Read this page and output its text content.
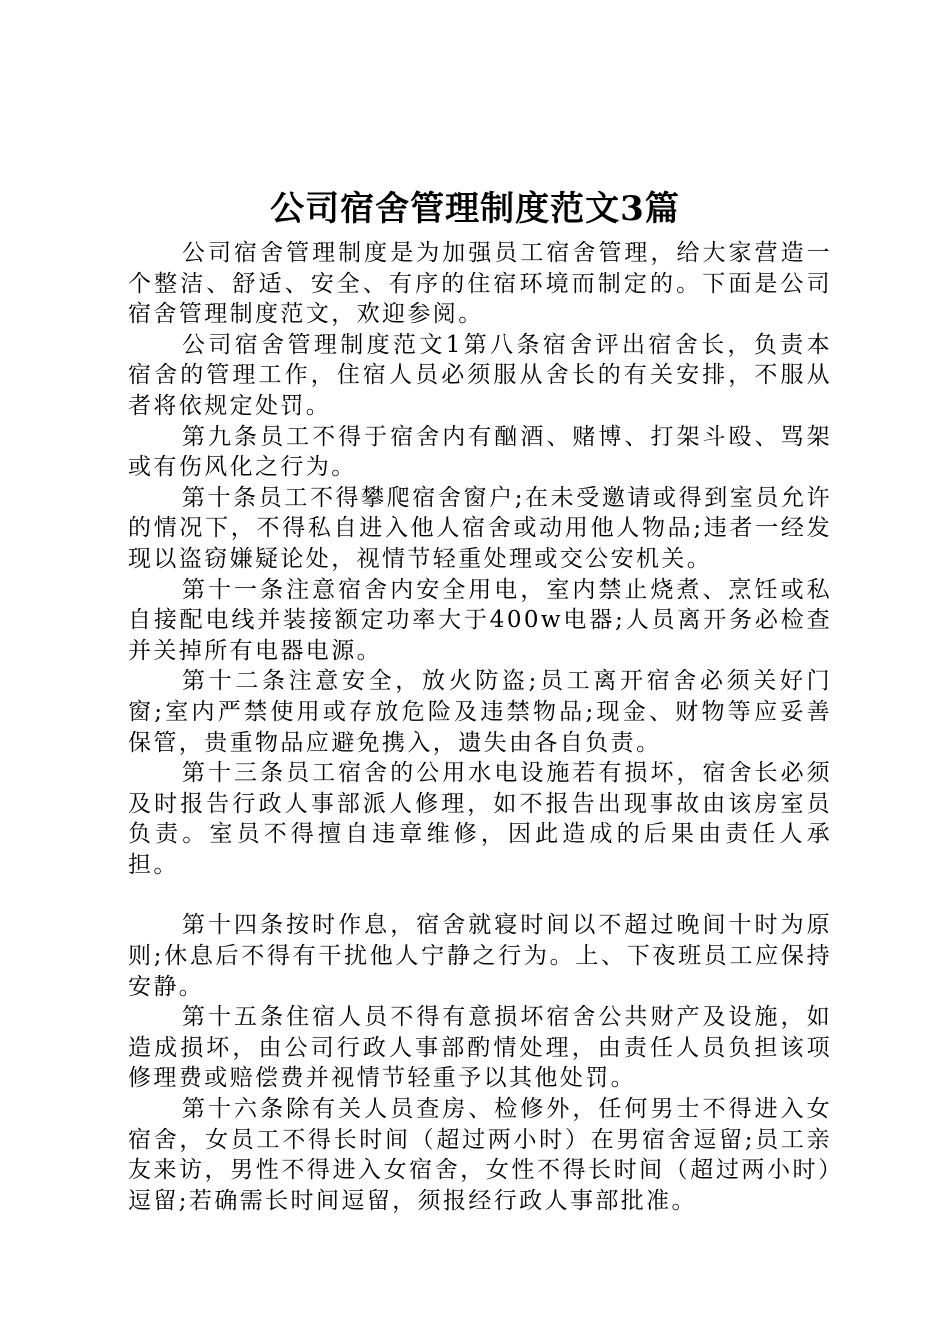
公司宿舍管理制度范文3篇

公司宿舍管理制度是为加强员工宿舍管理，给大家营造一个整洁、舒适、安全、有序的住宿环境而制定的。下面是公司宿舍管理制度范文，欢迎参阅。

公司宿舍管理制度范文1第八条宿舍评出宿舍长，负责本宿舍的管理工作，住宿人员必须服从舍长的有关安排，不服从者将依规定处罚。

第九条员工不得于宿舍内有酗酒、赌博、打架斗殴、骂架或有伤风化之行为。

第十条员工不得攀爬宿舍窗户;在未受邀请或得到室员允许的情况下，不得私自进入他人宿舍或动用他人物品;违者一经发现以盗窃嫌疑论处，视情节轻重处理或交公安机关。

第十一条注意宿舍内安全用电，室内禁止烧煮、烹饪或私自接配电线并装接额定功率大于400w电器;人员离开务必检查并关掉所有电器电源。

第十二条注意安全，放火防盗;员工离开宿舍必须关好门窗;室内严禁使用或存放危险及违禁物品;现金、财物等应妥善保管，贵重物品应避免携入，遗失由各自负责。

第十三条员工宿舍的公用水电设施若有损坏，宿舍长必须及时报告行政人事部派人修理，如不报告出现事故由该房室员负责。室员不得擅自违章维修，因此造成的后果由责任人承担。

第十四条按时作息，宿舍就寝时间以不超过晚间十时为原则;休息后不得有干扰他人宁静之行为。上、下夜班员工应保持安静。

第十五条住宿人员不得有意损坏宿舍公共财产及设施，如造成损坏，由公司行政人事部酌情处理，由责任人员负担该项修理费或赔偿费并视情节轻重予以其他处罚。

第十六条除有关人员查房、检修外，任何男士不得进入女宿舍，女员工不得长时间（超过两小时）在男宿舍逗留;员工亲友来访，男性不得进入女宿舍，女性不得长时间（超过两小时）逗留;若确需长时间逗留，须报经行政人事部批准。
